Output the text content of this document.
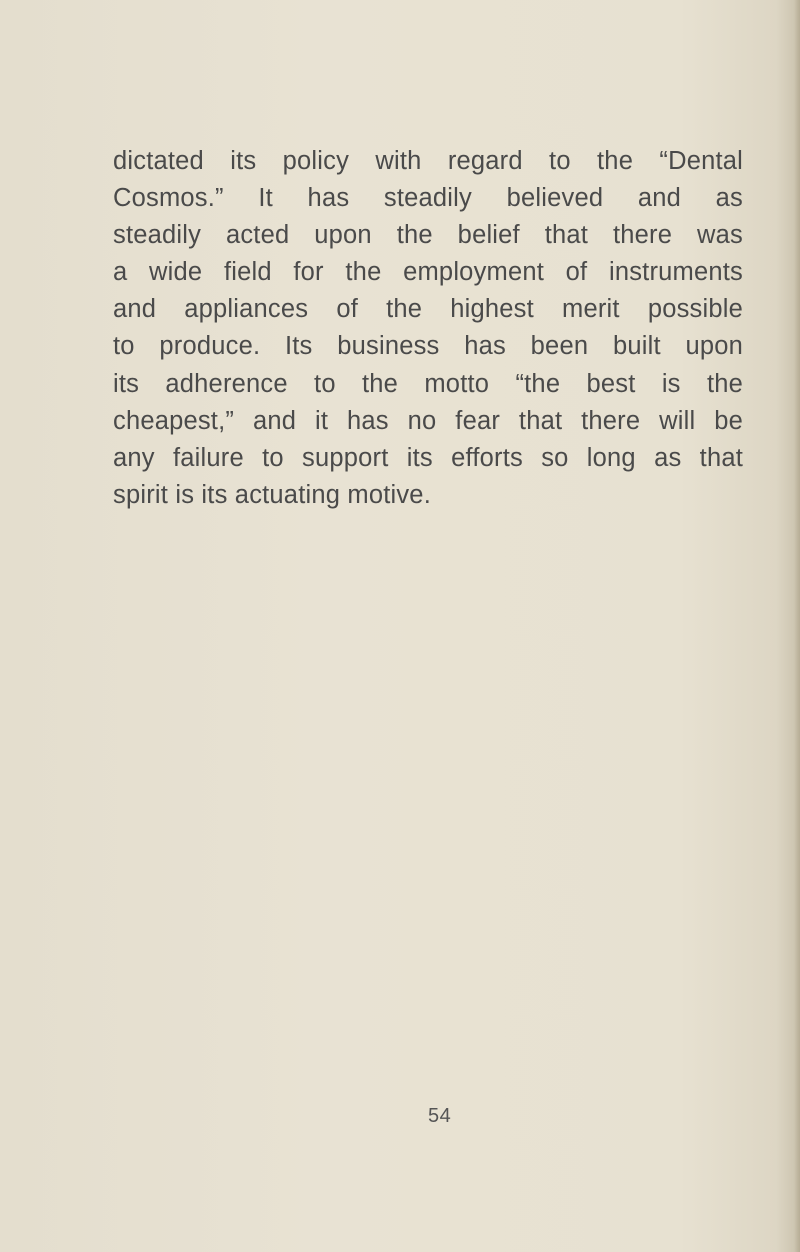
dictated its policy with regard to the “Dental
Cosmos.” It has steadily believed and as
steadily acted upon the belief that there was
a wide field for the employment of instruments
and appliances of the highest merit possible
to produce. Its business has been built upon
its adherence to the motto “the best is the
cheapest,” and it has no fear that there will be
any failure to support its efforts so long as that
spirit is its actuating motive.
54
